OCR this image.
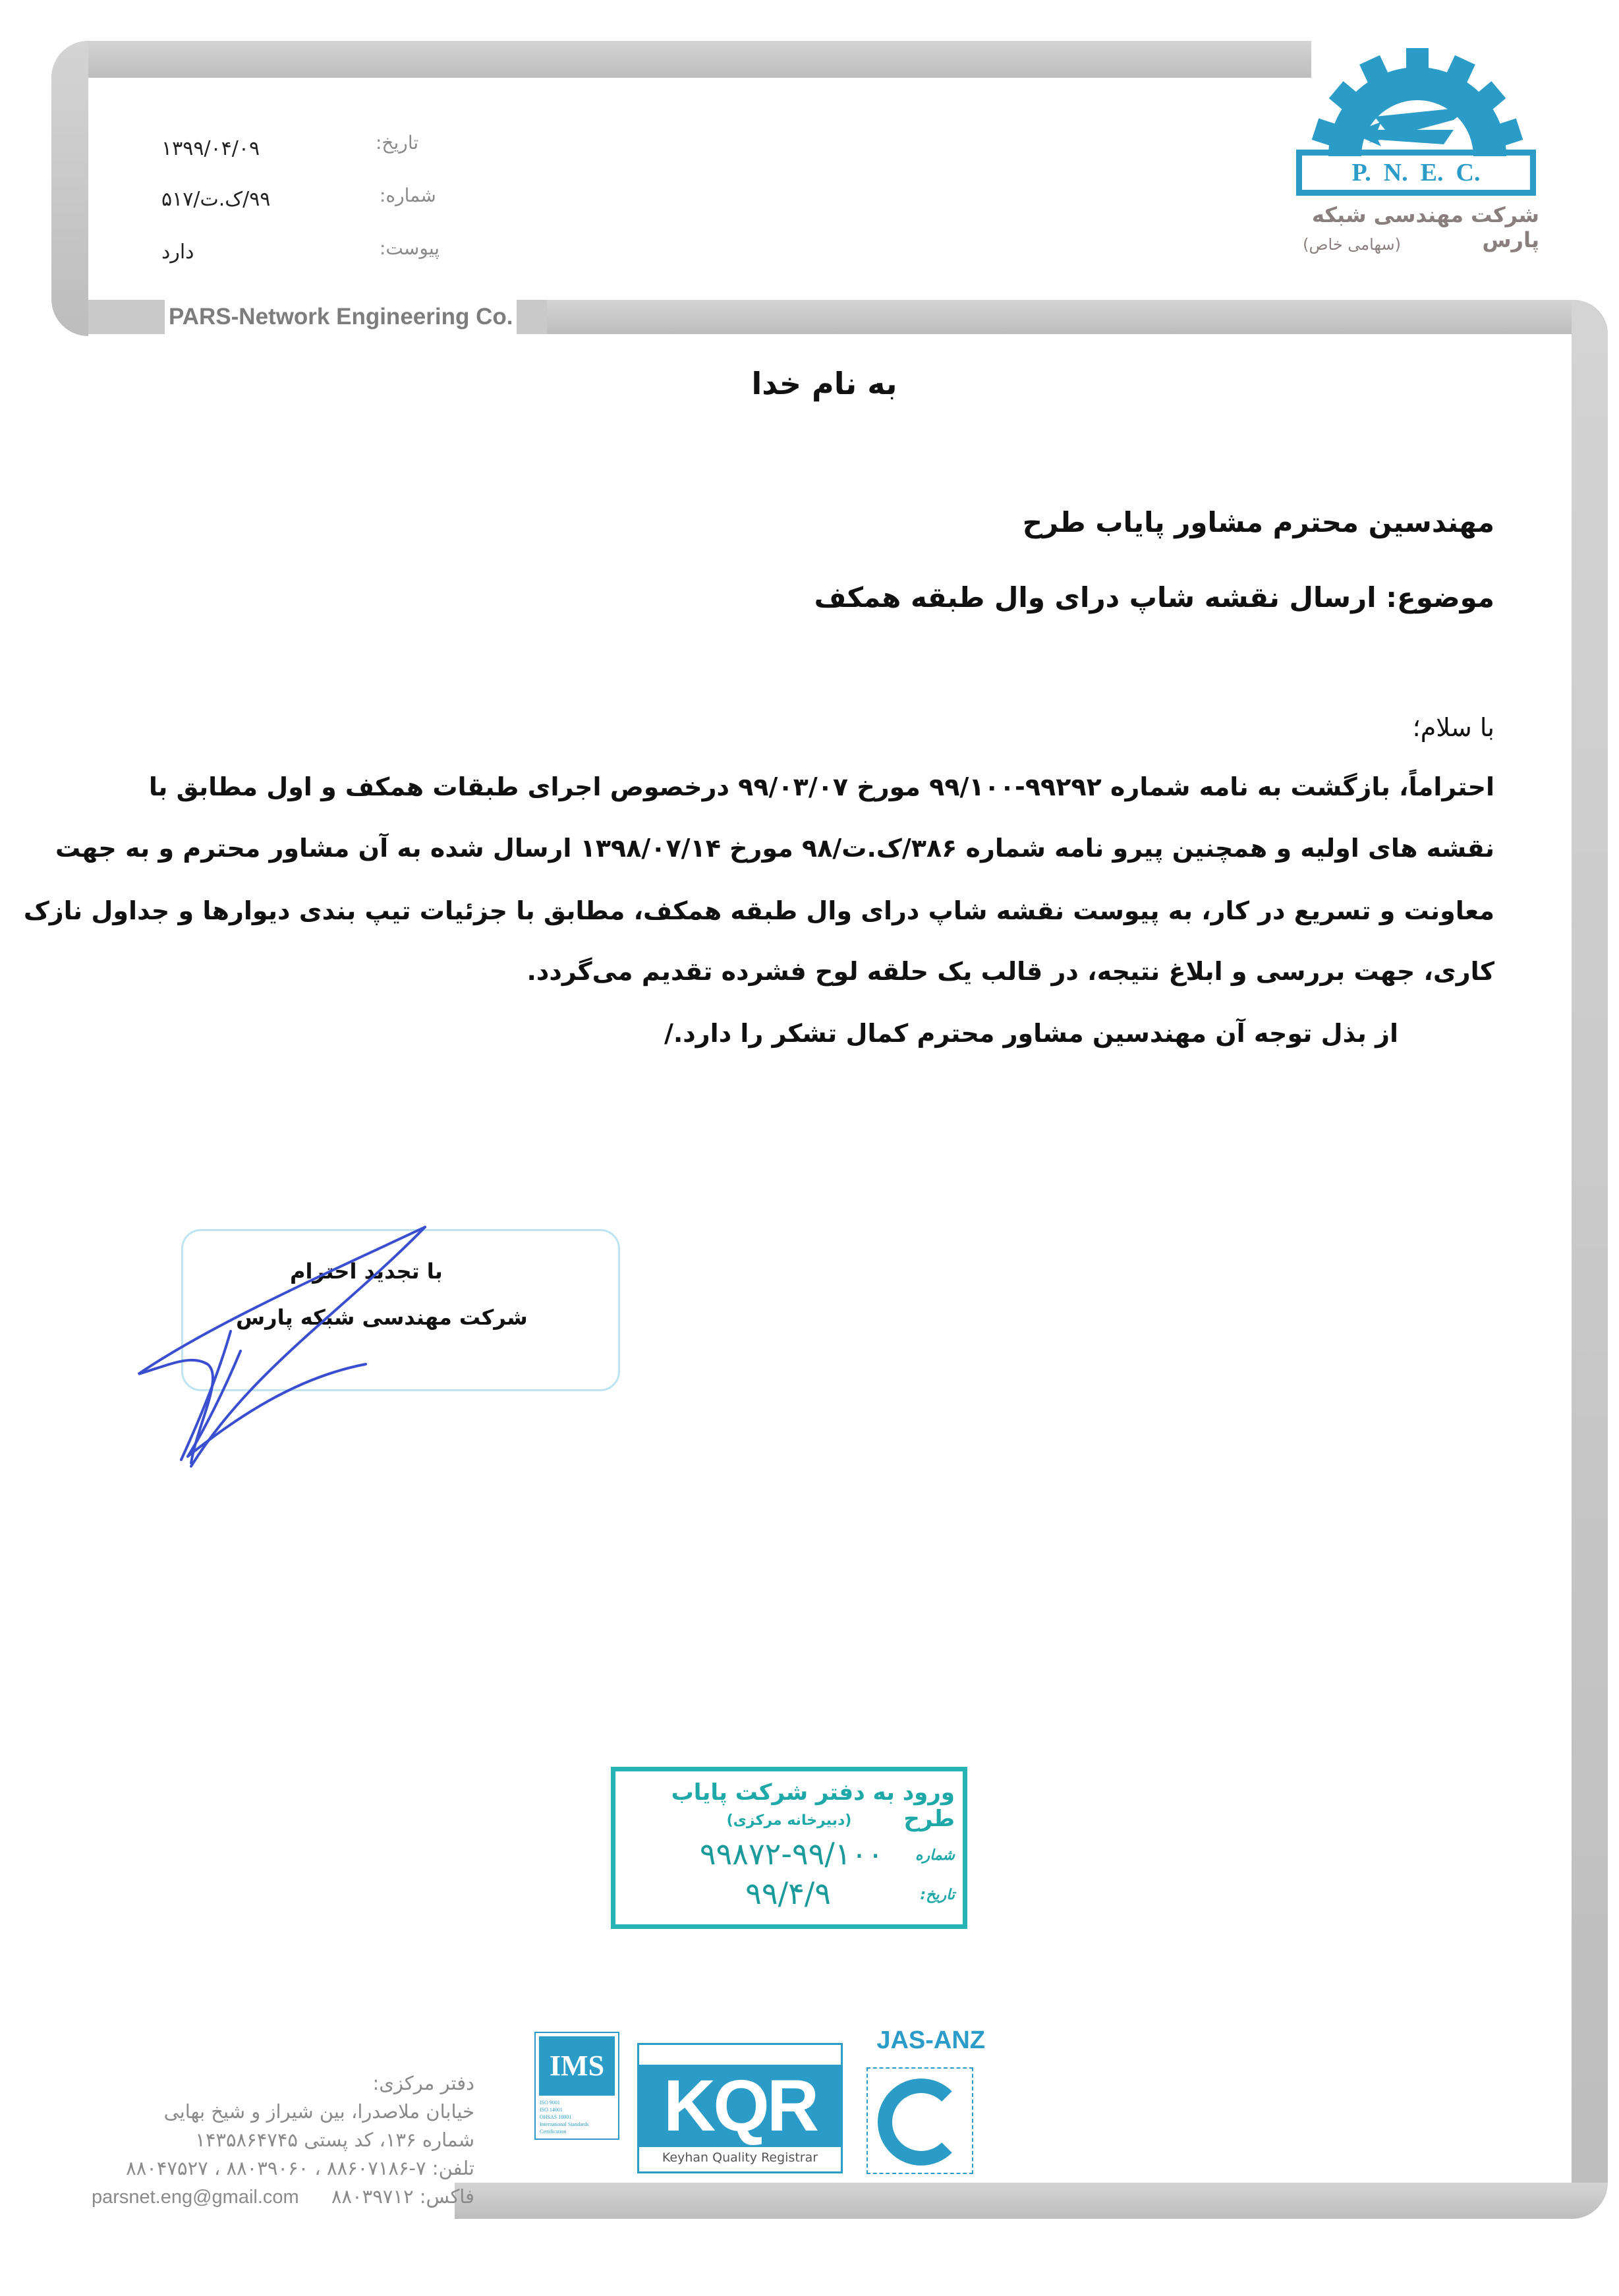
تاریخ:
۱۳۹۹/۰۴/۰۹
شماره:
۹۹/ک.ت/۵۱۷
پیوست:
دارد
PARS-Network Engineering Co.
P.  N.  E.  C.
شرکت مهندسی شبکه پارس
(سهامی خاص)
به نام خدا
مهندسین محترم مشاور پایاب طرح
موضوع: ارسال نقشه شاپ درای وال طبقه همکف
با سلام؛
احتراماً، بازگشت به نامه شماره ۹۹۲۹۲-۹۹/۱۰۰ مورخ ۹۹/۰۳/۰۷ درخصوص اجرای طبقات همکف و اول مطابق با
نقشه های اولیه و همچنین پیرو نامه شماره ۳۸۶/ک.ت/۹۸ مورخ ۱۳۹۸/۰۷/۱۴ ارسال شده به آن مشاور محترم و به جهت
معاونت و تسریع در کار، به پیوست نقشه شاپ درای وال طبقه همکف، مطابق با جزئیات تیپ بندی دیوارها و جداول نازک
کاری، جهت بررسی و ابلاغ نتیجه، در قالب یک حلقه لوح فشرده تقدیم می‌گردد.
از بذل توجه آن مهندسین مشاور محترم کمال تشکر را دارد./
با تجدید احترام
شرکت مهندسی شبکه پارس
ورود به دفتر شرکت پایاب طرح
(دبیرخانه مرکزی)
شماره
۹۹۸۷۲-۹۹/۱۰۰
تاریخ:
۹۹/۴/۹
دفتر مرکزی:
خیابان ملاصدرا، بین شیراز و شیخ بهایی
شماره ۱۳۶، کد پستی ۱۴۳۵۸۶۴۷۴۵
تلفن: ۷-۸۸۶۰۷۱۸۶ ، ۸۸۰۳۹۰۶۰ ، ۸۸۰۴۷۵۲۷
فاکس: ۸۸۰۳۹۷۱۲ parsnet.eng@gmail.com
IMS
ISO 9001
ISO 14001
OHSAS 18001
International Standards
Certification	KQR
Keyhan Quality Registrar
JAS-ANZ
